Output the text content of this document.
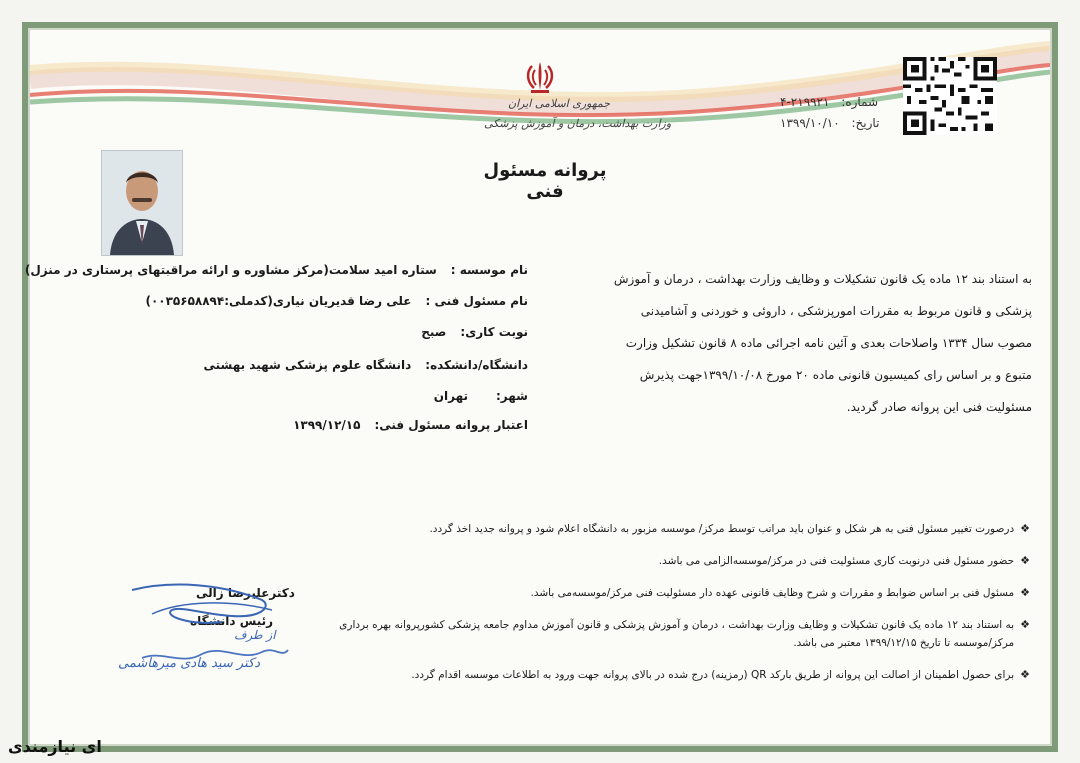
شماره: ۲۱۹۹۲۱-۴
تاریخ: ۱۳۹۹/۱۰/۱۰
جمهوری اسلامی ایران
وزارت بهداشت، درمان و آموزش پزشکی
پروانه مسئول فنی
به استناد بند ۱۲ ماده یک قانون تشکیلات و وظایف وزارت بهداشت ، درمان و آموزش
پزشکی و قانون مربوط به مقررات امورپزشکی ، داروئی و خوردنی و آشامیدنی
مصوب سال ۱۳۳۴ واصلاحات بعدی و آئین نامه اجرائی ماده ۸ قانون تشکیل وزارت
متبوع و بر اساس رای کمیسیون قانونی ماده ۲۰ مورخ ۱۳۹۹/۱۰/۰۸جهت پذیرش
مسئولیت فنی این پروانه صادر گردید.
نام موسسه :ستاره امید سلامت(مرکز مشاوره و ارائه مراقبتهای پرستاری در منزل)
نام مسئول فنی :علی رضا قدیریان نیاری(کدملی:۰۰۳۵۶۵۸۸۹۴)
نوبت کاری:صبح
دانشگاه/دانشکده:دانشگاه علوم پزشکی شهید بهشتی
شهر:تهران
اعتبار پروانه مسئول فنی:۱۳۹۹/۱۲/۱۵
❖
درصورت تغییر مسئول فنی به هر شکل و عنوان باید مراتب توسط مرکز/ موسسه مزبور به دانشگاه اعلام شود و پروانه جدید اخذ گردد.
❖
حضور مسئول فنی درنوبت کاری مسئولیت فنی در مرکز/موسسه‌الزامی می باشد.
❖
مسئول فنی بر اساس ضوابط و مقررات و شرح وظایف قانونی عهده دار مسئولیت فنی مرکز/موسسه‌می باشد.
❖
به استناد بند ۱۲ ماده یک قانون تشکیلات و وظایف وزارت بهداشت ، درمان و آموزش پزشکی و قانون آموزش مداوم جامعه پزشکی کشورپروانه بهره برداری مرکز/موسسه تا تاریخ ۱۳۹۹/۱۲/۱۵ معتبر می باشد.
❖
برای حصول اطمینان از اصالت این پروانه از طریق بارکد QR (رمزینه) درج شده در بالای پروانه جهت ورود به اطلاعات موسسه اقدام گردد.
دکترعلیرضا زالی
رئیس دانشگاه
از طرف
دکتر سید هادی میرهاشمی
ای نیازمندی
